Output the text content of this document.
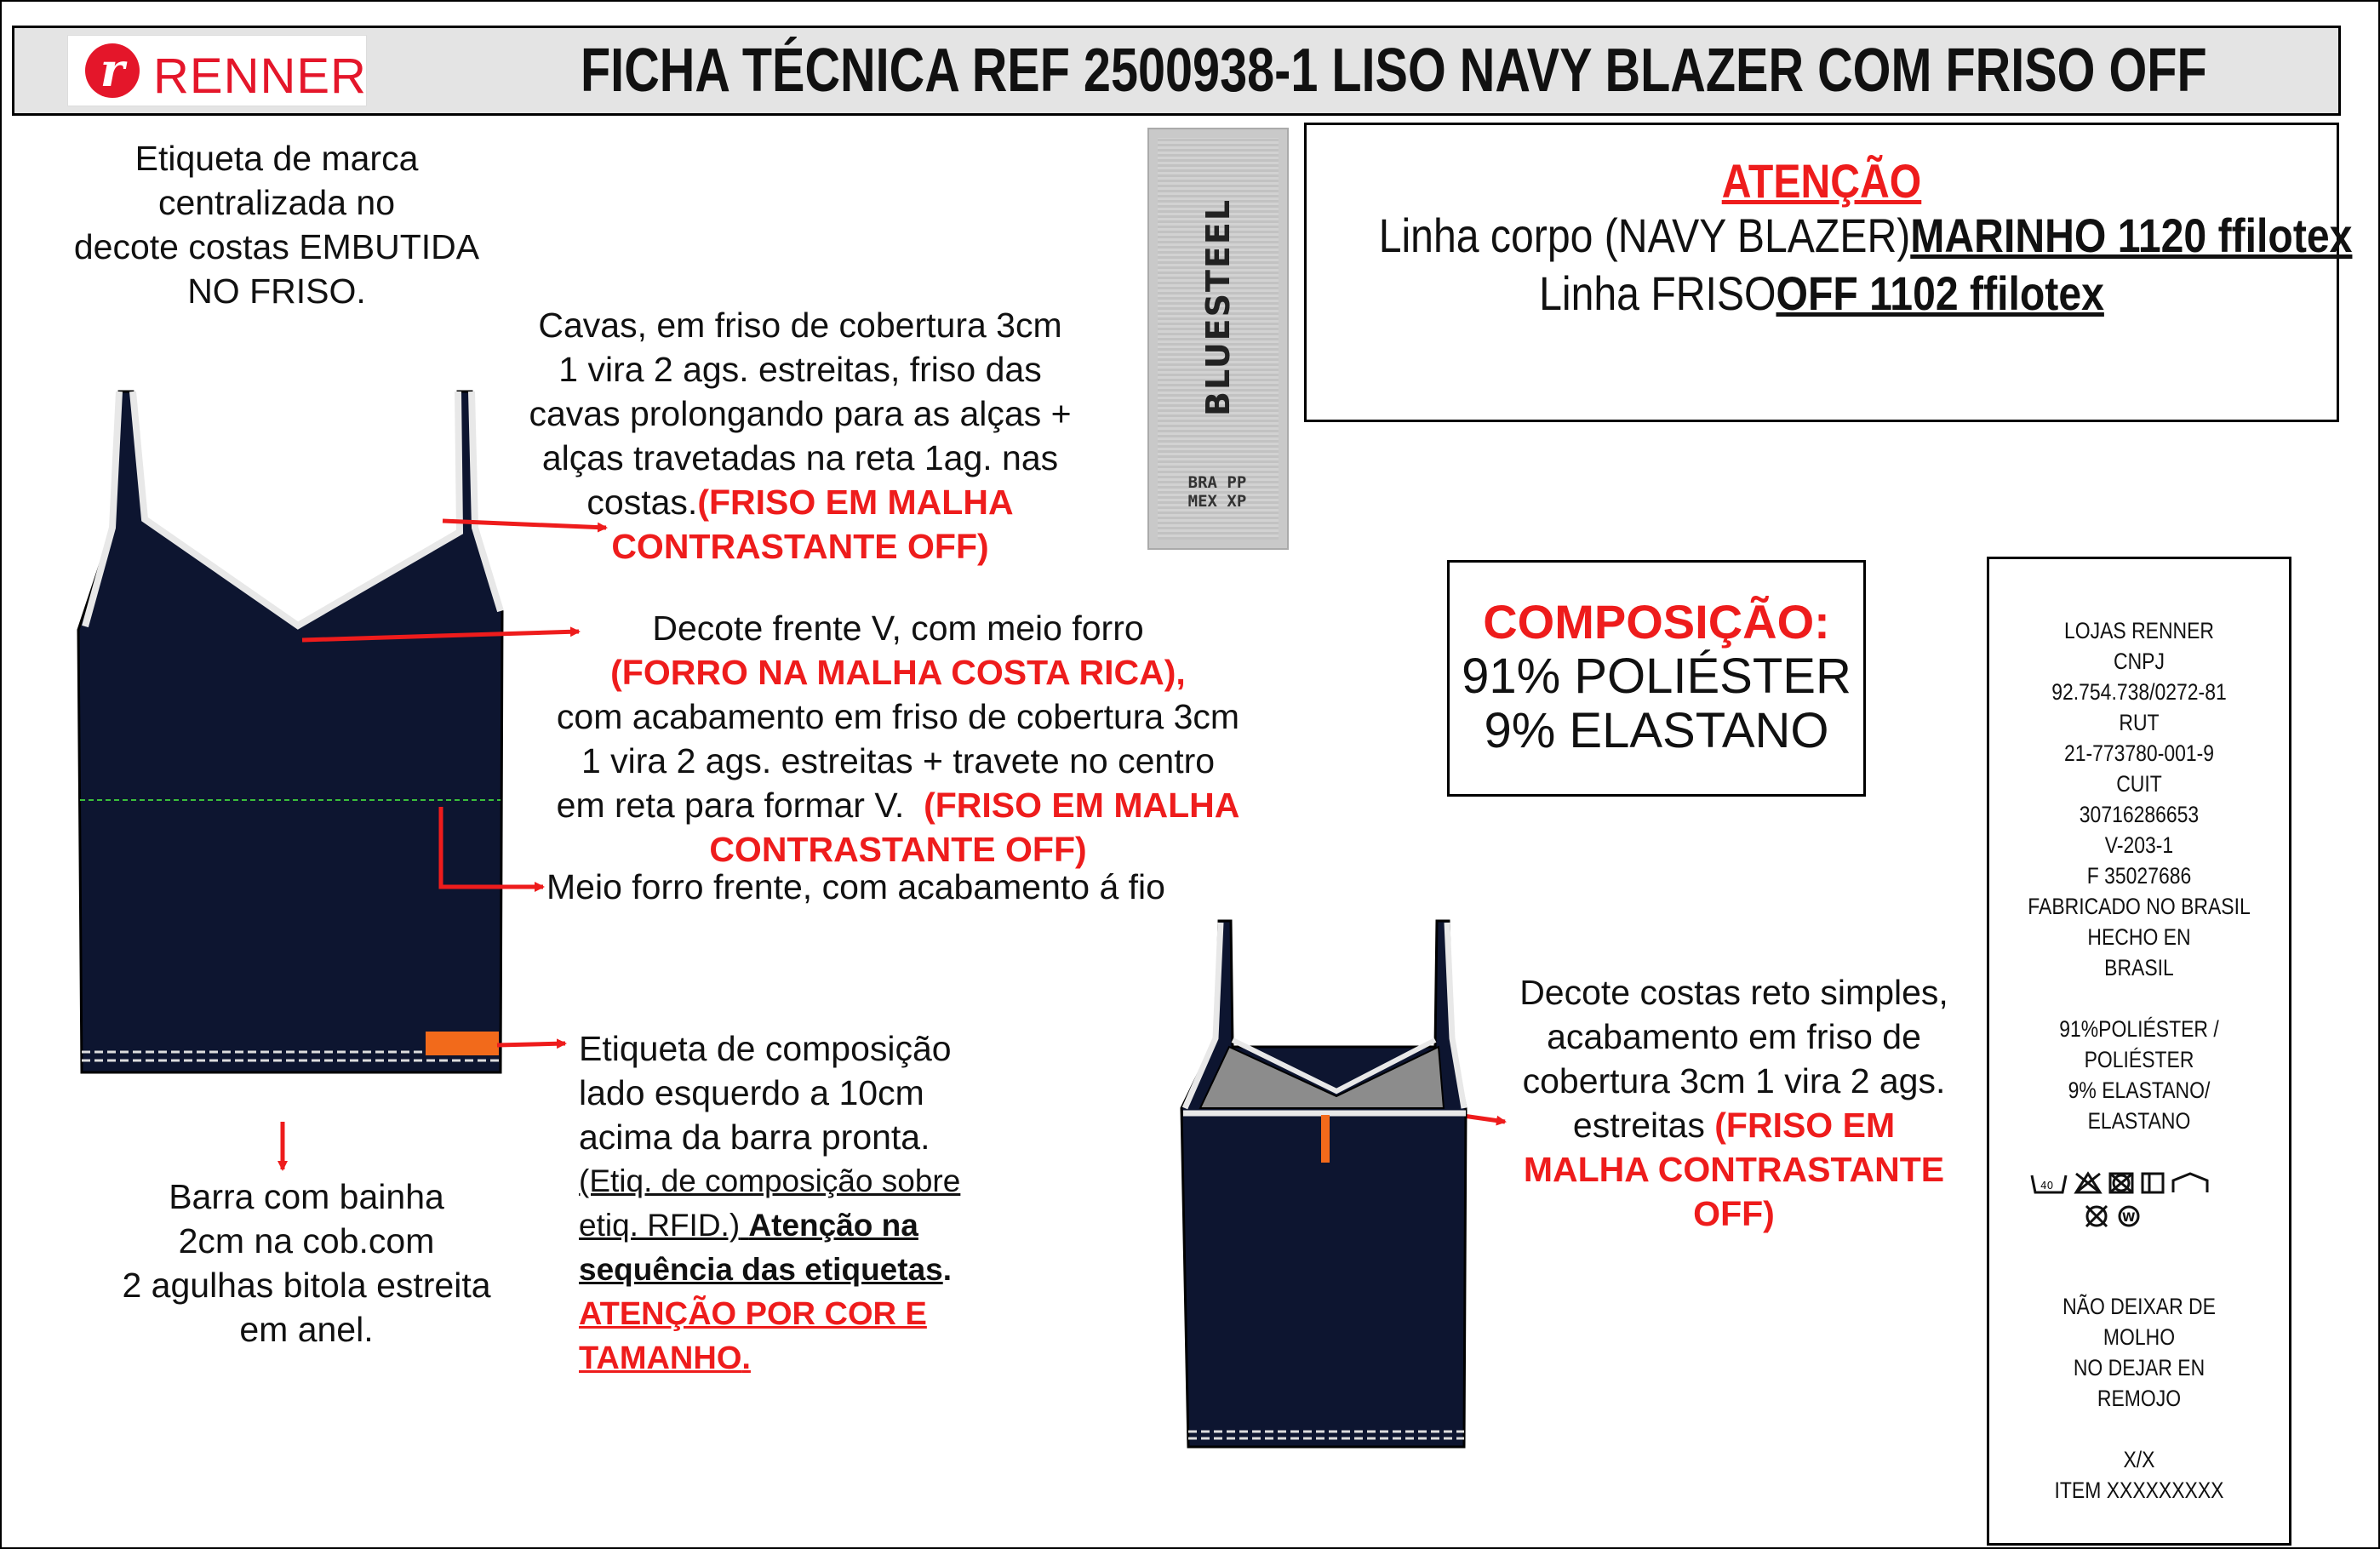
r RENNER	FICHA TÉCNICA REF 2500938-1 LISO NAVY BLAZER COM FRISO OFF
Etiqueta de marca
centralizada no
decote costas EMBUTIDA
NO FRISO.	BLUESTEEL
BRA PP
MEX XP
ATENÇÃO
Linha corpo (NAVY BLAZER)MARINHO 1120 ffilotex
Linha FRISOOFF 1102 ffilotex
Cavas, em friso de cobertura 3cm
1 vira 2 ags. estreitas, friso das
cavas prolongando para as alças +
alças travetadas na reta 1ag. nas
costas.(FRISO EM MALHA
CONTRASTANTE OFF)
Decote frente V, com meio forro
(FORRO NA MALHA COSTA RICA),
com acabamento em friso de cobertura 3cm
1 vira 2 ags. estreitas + travete no centro
em reta para formar V. (FRISO EM MALHA
CONTRASTANTE OFF)
Meio forro frente, com acabamento á fio
Etiqueta de composição
lado esquerdo a 10cm
acima da barra pronta.
(Etiq. de composição sobre
etiq. RFID.) Atenção na
sequência das etiquetas.
ATENÇÃO POR COR E
TAMANHO.
Barra com bainha
2cm na cob.com
2 agulhas bitola estreita
em anel.
COMPOSIÇÃO:
91% POLIÉSTER
9% ELASTANO
Decote costas reto simples,
acabamento em friso de
cobertura 3cm 1 vira 2 ags.
estreitas (FRISO EM
MALHA CONTRASTANTE
OFF)
LOJAS RENNER
CNPJ
92.754.738/0272-81
RUT
21-773780-001-9
CUIT
30716286653
V-203-1
F 35027686
FABRICADO NO BRASIL
HECHO EN
BRASIL
91%POLIÉSTER /
POLIÉSTER
9% ELASTANO/
ELASTANO
40
W
NÃO DEIXAR DE
MOLHO
NO DEJAR EN
REMOJO
X/X
ITEM XXXXXXXXX
